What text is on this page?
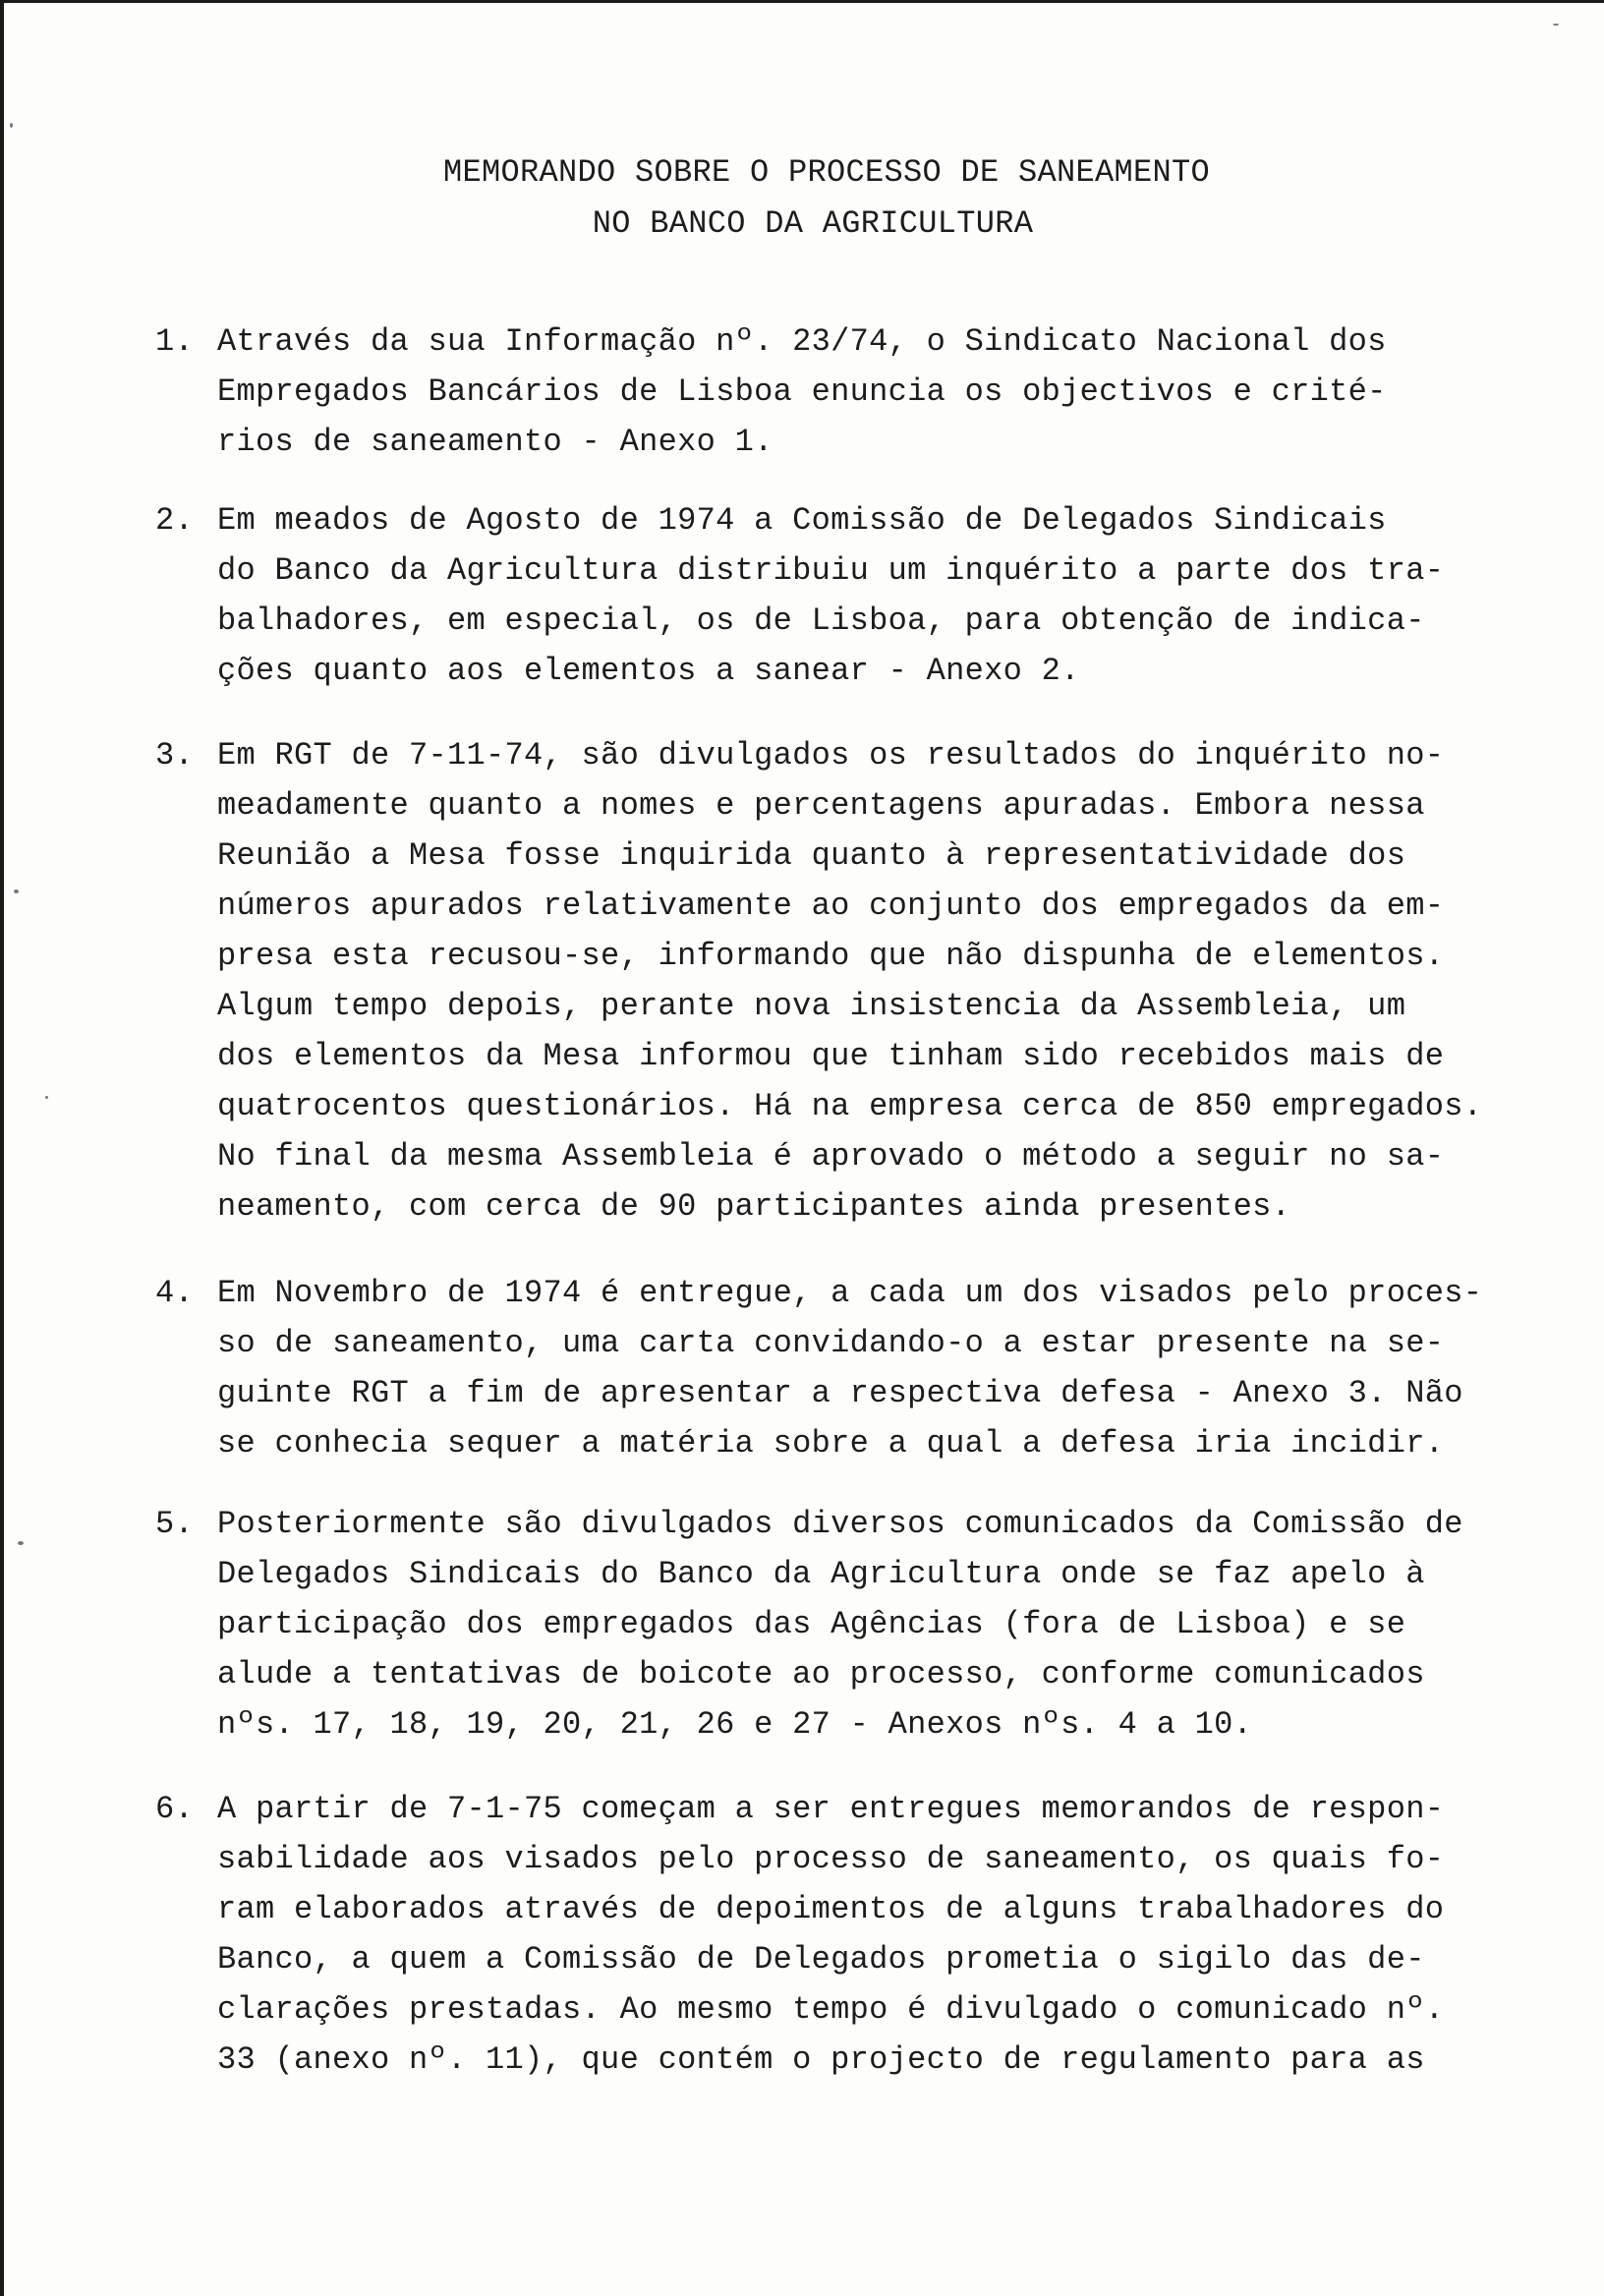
MEMORANDO SOBRE O PROCESSO DE SANEAMENTO
NO BANCO DA AGRICULTURA
1. Através da sua Informação nº. 23/74, o Sindicato Nacional dos
Empregados Bancários de Lisboa enuncia os objectivos e crité-
rios de saneamento - Anexo 1.
2. Em meados de Agosto de 1974 a Comissão de Delegados Sindicais
do Banco da Agricultura distribuiu um inquérito a parte dos tra-
balhadores, em especial, os de Lisboa, para obtenção de indica-
ções quanto aos elementos a sanear - Anexo 2.
3. Em RGT de 7-11-74, são divulgados os resultados do inquérito no-
meadamente quanto a nomes e percentagens apuradas. Embora nessa
Reunião a Mesa fosse inquirida quanto à representatividade dos
números apurados relativamente ao conjunto dos empregados da em-
presa esta recusou-se, informando que não dispunha de elementos.
Algum tempo depois, perante nova insistencia da Assembleia, um
dos elementos da Mesa informou que tinham sido recebidos mais de
quatrocentos questionários. Há na empresa cerca de 850 empregados.
No final da mesma Assembleia é aprovado o método a seguir no sa-
neamento, com cerca de 90 participantes ainda presentes.
4. Em Novembro de 1974 é entregue, a cada um dos visados pelo proces-
so de saneamento, uma carta convidando-o a estar presente na se-
guinte RGT a fim de apresentar a respectiva defesa - Anexo 3. Não
se conhecia sequer a matéria sobre a qual a defesa iria incidir.
5. Posteriormente são divulgados diversos comunicados da Comissão de
Delegados Sindicais do Banco da Agricultura onde se faz apelo à
participação dos empregados das Agências (fora de Lisboa) e se
alude a tentativas de boicote ao processo, conforme comunicados
nºs. 17, 18, 19, 20, 21, 26 e 27 - Anexos nºs. 4 a 10.
6. A partir de 7-1-75 começam a ser entregues memorandos de respon-
sabilidade aos visados pelo processo de saneamento, os quais fo-
ram elaborados através de depoimentos de alguns trabalhadores do
Banco, a quem a Comissão de Delegados prometia o sigilo das de-
clarações prestadas. Ao mesmo tempo é divulgado o comunicado nº.
33 (anexo nº. 11), que contém o projecto de regulamento para as
